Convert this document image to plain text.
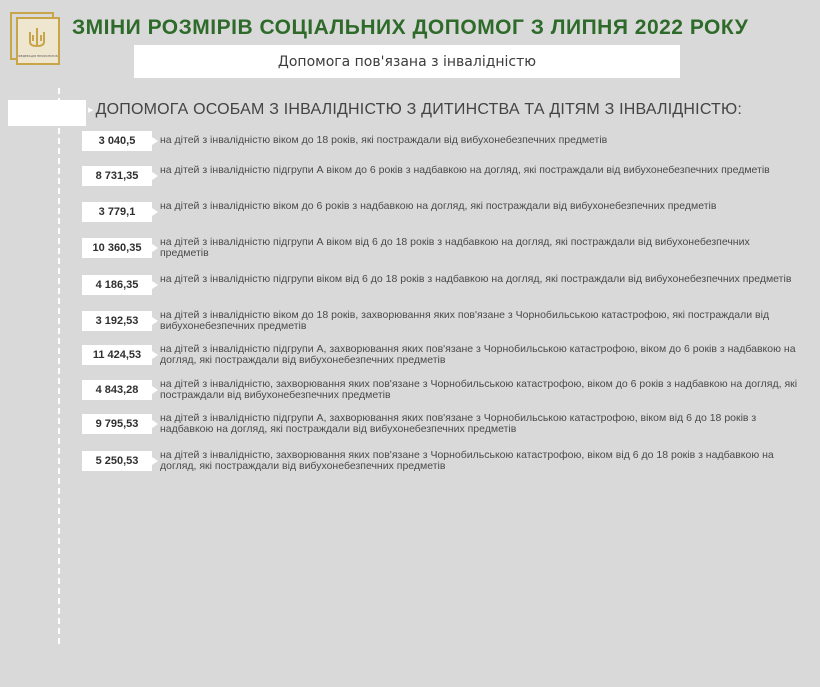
ФЕДЕРАЦІЯ ПРОФСПІЛОК
ЗМІНИ РОЗМІРІВ СОЦІАЛЬНИХ ДОПОМОГ З ЛИПНЯ 2022 РОКУ
Допомога пов'язана з інвалідністю
▶ ДОПОМОГА ОСОБАМ З ІНВАЛІДНІСТЮ З ДИТИНСТВА ТА ДІТЯМ З ІНВАЛІДНІСТЮ:
3 040,5	на дітей з інвалідністю віком до 18 років, які постраждали від вибухонебезпечних предметів
8 731,35	на дітей з інвалідністю підгрупи А віком до 6 років з надбавкою на догляд, які постраждали від вибухонебезпечних предметів
3 779,1	на дітей з інвалідністю віком до 6 років з надбавкою на догляд, які постраждали від вибухонебезпечних предметів
10 360,35	на дітей з інвалідністю підгрупи А віком від 6 до 18 років з надбавкою на догляд, які постраждали від вибухонебезпечних предметів
4 186,35	на дітей з інвалідністю підгрупи віком від 6 до 18 років з надбавкою на догляд, які постраждали від вибухонебезпечних предметів
3 192,53	на дітей з інвалідністю віком до 18 років, захворювання яких пов'язане з Чорнобильською катастрофою, які постраждали від вибухонебезпечних предметів
11 424,53	на дітей з інвалідністю підгрупи А, захворювання яких пов'язане з Чорнобильською катастрофою, віком до 6 років з надбавкою на догляд, які постраждали від вибухонебезпечних предметів
4 843,28	на дітей з інвалідністю, захворювання яких пов'язане з Чорнобильською катастрофою, віком до 6 років з надбавкою на догляд, які постраждали від вибухонебезпечних предметів
9 795,53	на дітей з інвалідністю підгрупи А, захворювання яких пов'язане з Чорнобильською катастрофою, віком від 6 до 18 років з надбавкою на догляд, які постраждали від вибухонебезпечних предметів
5 250,53	на дітей з інвалідністю, захворювання яких пов'язане з Чорнобильською катастрофою, віком від 6 до 18 років з надбавкою на догляд, які постраждали від вибухонебезпечних предметів
